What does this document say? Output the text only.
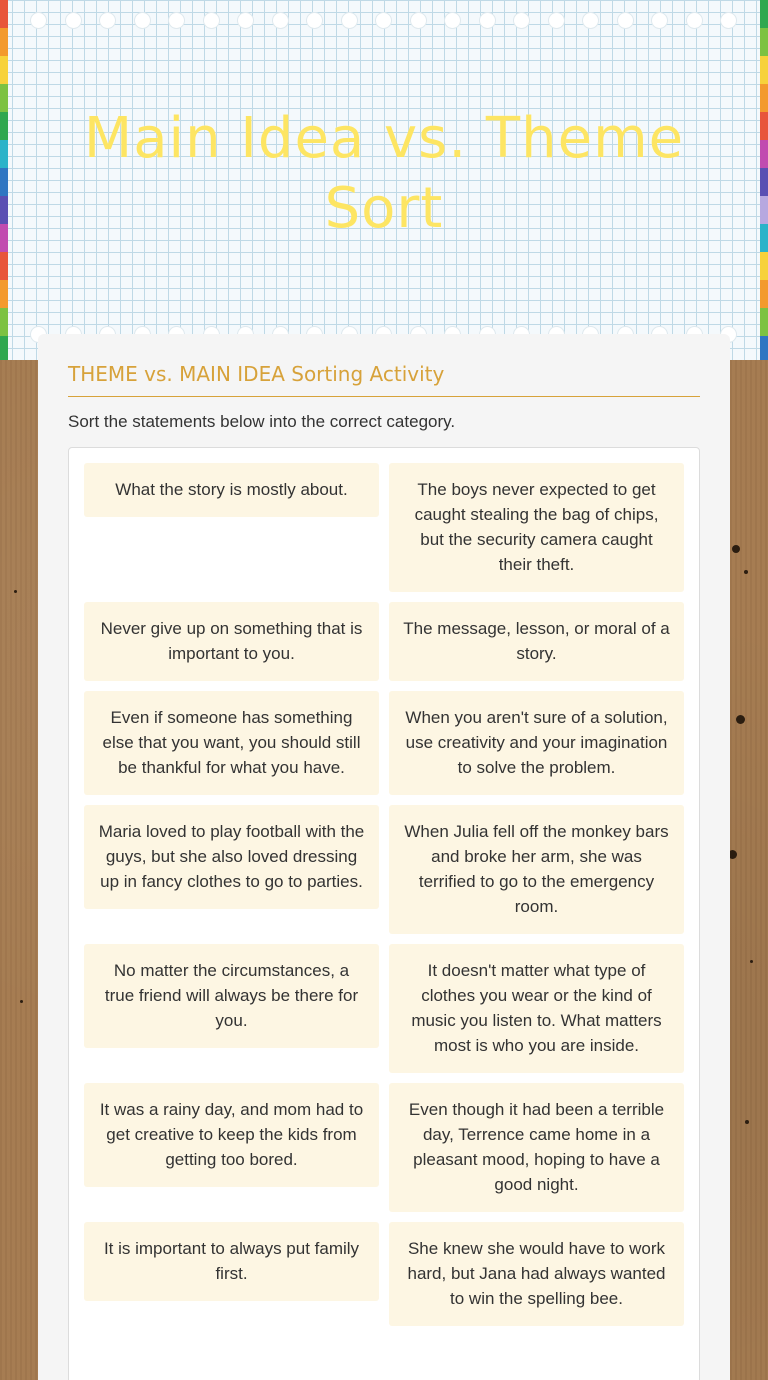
Main Idea vs. Theme Sort
THEME vs. MAIN IDEA Sorting Activity

Sort the statements below into the correct category.

What the story is mostly about.	The boys never expected to get caught stealing the bag of chips, but the security camera caught their theft.
Never give up on something that is important to you.
The message, lesson, or moral of a story.
Even if someone has something else that you want, you should still be thankful for what you have.
When you aren't sure of a solution, use creativity and your imagination to solve the problem.
Maria loved to play football with the guys, but she also loved dressing up in fancy clothes to go to parties.
When Julia fell off the monkey bars and broke her arm, she was terrified to go to the emergency room.
No matter the circumstances, a true friend will always be there for you.
It doesn't matter what type of clothes you wear or the kind of music you listen to. What matters most is who you are inside.
It was a rainy day, and mom had to get creative to keep the kids from getting too bored.
Even though it had been a terrible day, Terrence came home in a pleasant mood, hoping to have a good night.
It is important to always put family first.
She knew she would have to work hard, but Jana had always wanted to win the spelling bee.
